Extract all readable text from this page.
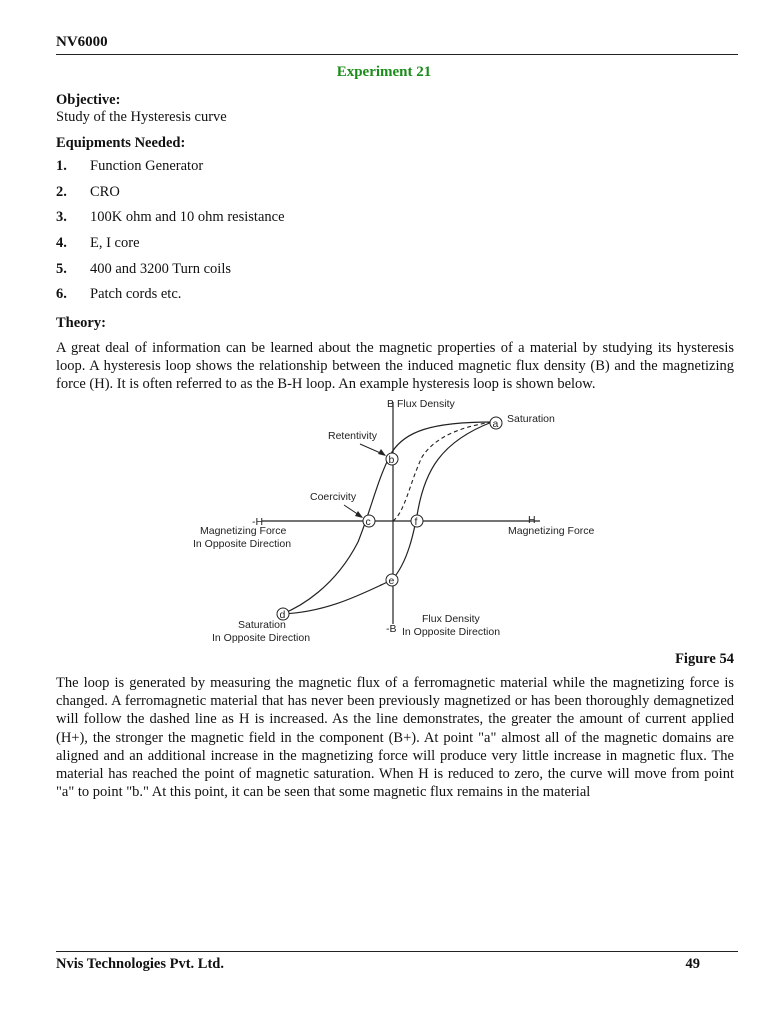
NV6000
Experiment 21
Objective:
Study of the Hysteresis curve
Equipments Needed:
1.	Function Generator
2.	CRO
3.	100K ohm and 10 ohm resistance
4.	E, I core
5.	400 and 3200 Turn coils
6.	Patch cords etc.
Theory:
A great deal of information can be learned about the magnetic properties of a material by studying its hysteresis loop. A hysteresis loop shows the relationship between the induced magnetic flux density (B) and the magnetizing force (H). It is often referred to as the B-H loop. An example hysteresis loop is shown below.
a
b
c
d
e
f
B Flux Density
Saturation
Retentivity
Coercivity
-H
Magnetizing Force
In Opposite Direction
H
Magnetizing Force
Saturation
In Opposite Direction
-B
Flux Density
In Opposite Direction
Figure 54
The loop is generated by measuring the magnetic flux of a ferromagnetic material while the magnetizing force is changed. A ferromagnetic material that has never been previously magnetized or has been thoroughly demagnetized will follow the dashed line as H is increased. As the line demonstrates, the greater the amount of current applied (H+), the stronger the magnetic field in the component (B+). At point "a" almost all of the magnetic domains are aligned and an additional increase in the magnetizing force will produce very little increase in magnetic flux. The material has reached the point of magnetic saturation. When H is reduced to zero, the curve will move from point "a" to point "b." At this point, it can be seen that some magnetic flux remains in the material
Nvis Technologies Pvt. Ltd.	49
